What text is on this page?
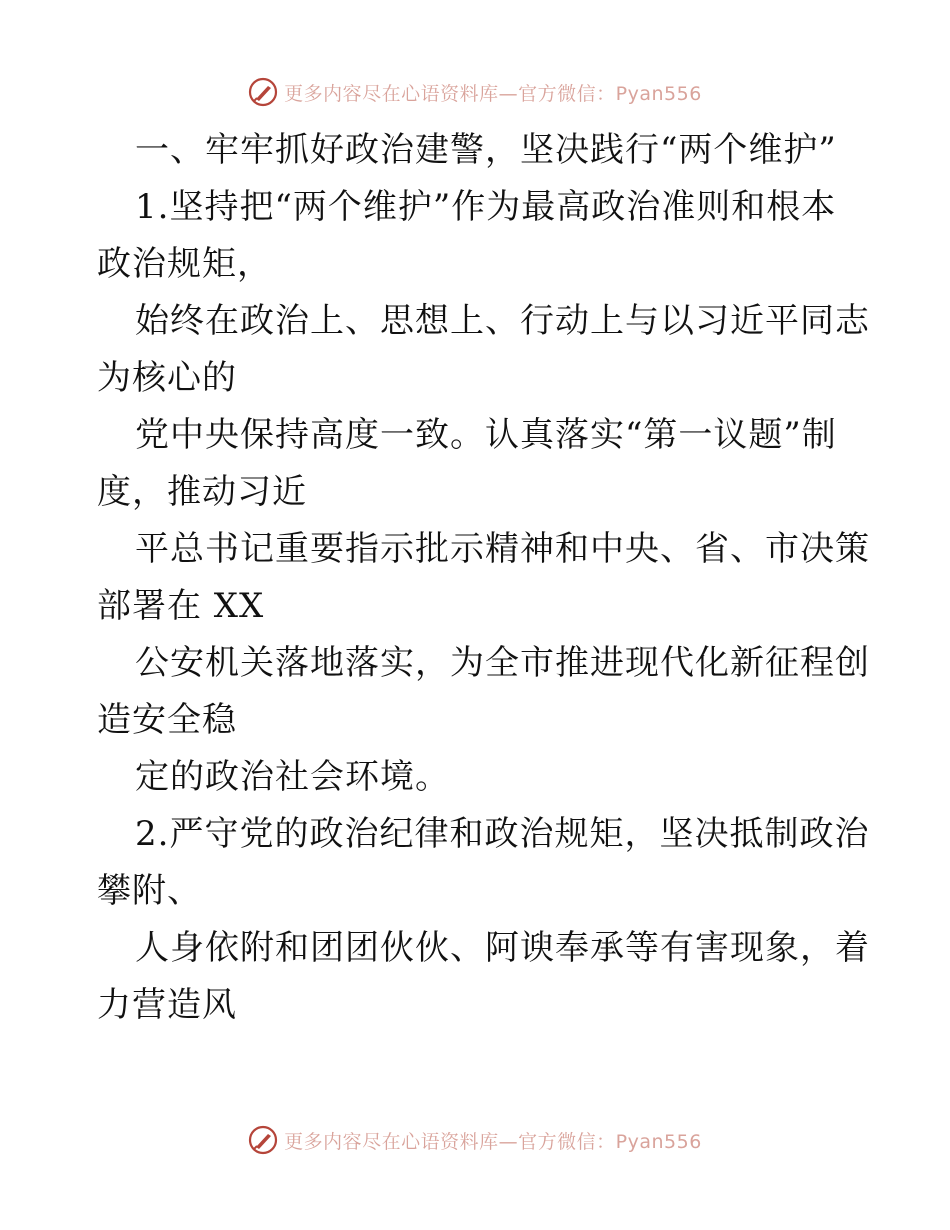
更多内容尽在心语资料库—官方微信：Pyan556
一、牢牢抓好政治建警，坚决践行“两个维护”
1.坚持把“两个维护”作为最高政治准则和根本
政治规矩，
始终在政治上、思想上、行动上与以习近平同志
为核心的
党中央保持高度一致。认真落实“第一议题”制
度，推动习近
平总书记重要指示批示精神和中央、省、市决策
部署在 XX
公安机关落地落实，为全市推进现代化新征程创
造安全稳
定的政治社会环境。
2.严守党的政治纪律和政治规矩，坚决抵制政治
攀附、
人身依附和团团伙伙、阿谀奉承等有害现象，着
力营造风
更多内容尽在心语资料库—官方微信：Pyan556
